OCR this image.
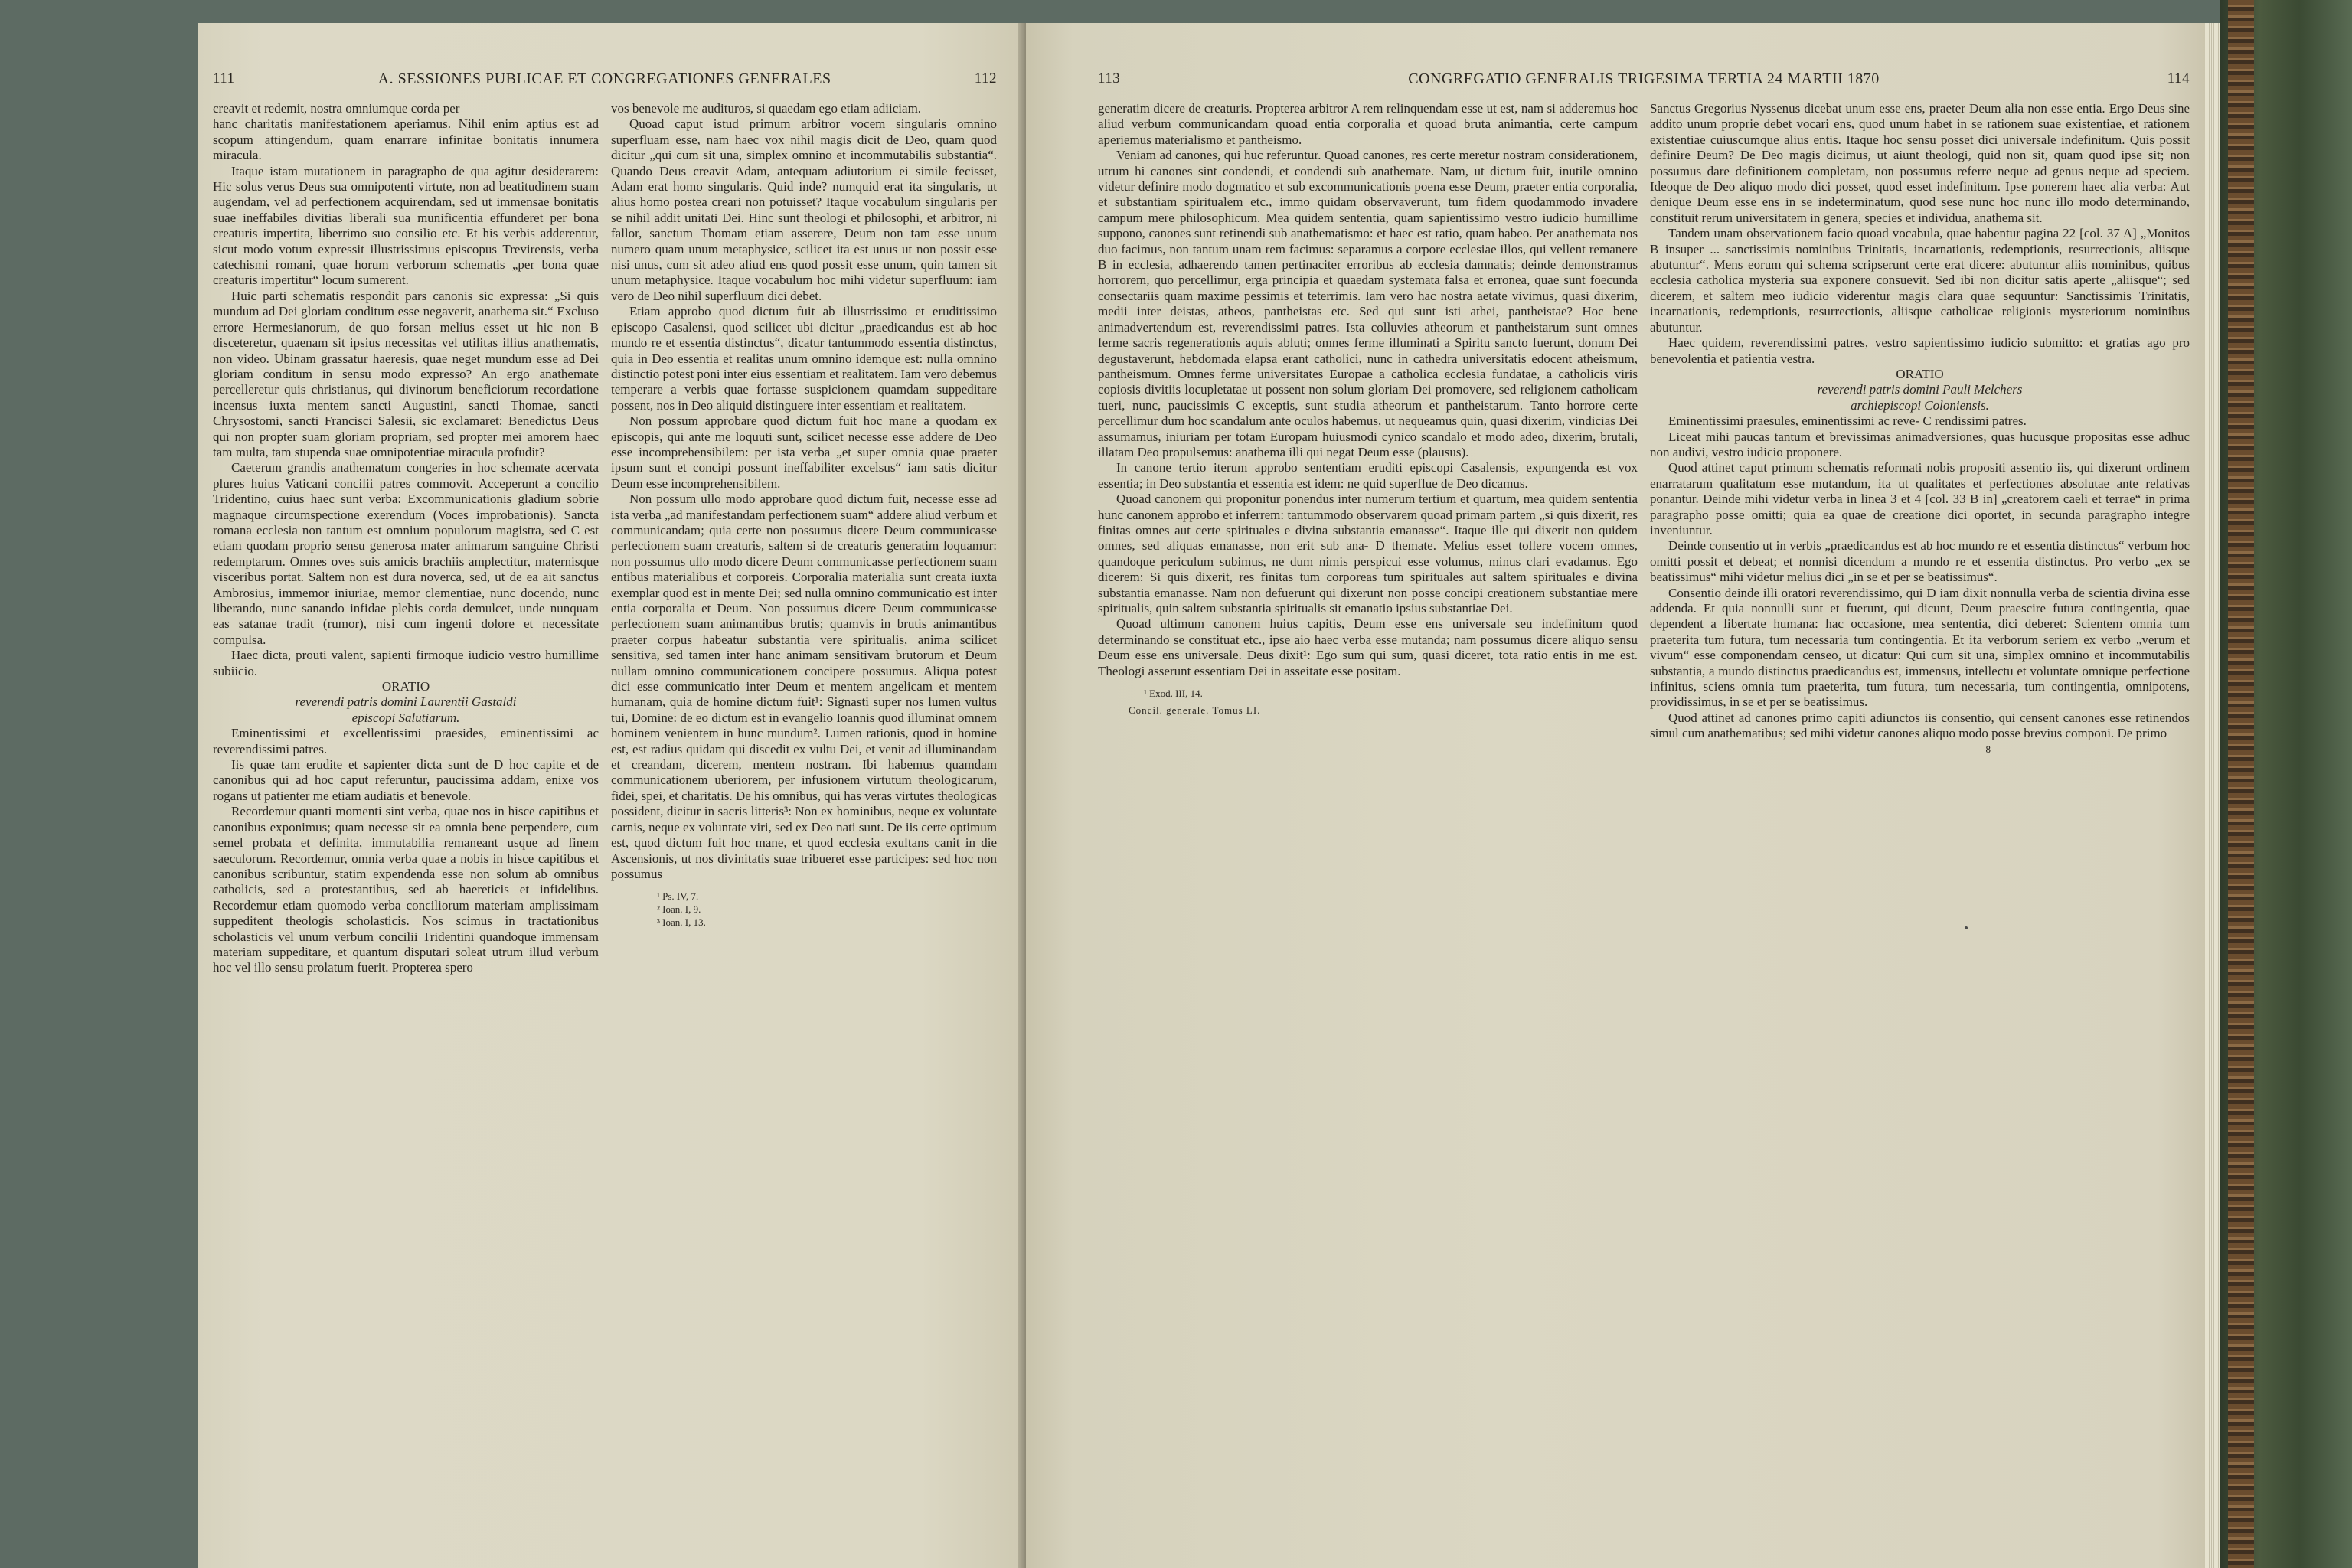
111	A. SESSIONES PUBLICAE ET CONGREGATIONES GENERALES	112

creavit et redemit, nostra omniumque corda per

hanc charitatis manifestationem aperiamus. Nihil enim aptius est ad scopum attingendum, quam enarrare infinitae bonitatis innumera miracula.

Itaque istam mutationem in paragrapho de qua agitur desiderarem: Hic solus verus Deus sua omnipotenti virtute, non ad beatitudinem suam augendam, vel ad perfectionem acquirendam, sed ut immensae bonitatis suae ineffabiles divitias liberali sua munificentia effunderet per bona creaturis impertita, liberrimo suo consilio etc. Et his verbis adderentur, sicut modo votum expressit illustrissimus episcopus Trevirensis, verba catechismi romani, quae horum verborum schematis „per bona quae creaturis impertitur“ locum sumerent.

Huic parti schematis respondit pars canonis sic expressa: „Si quis mundum ad Dei gloriam conditum esse negaverit, anathema sit.“ Excluso errore Hermesianorum, de quo forsan melius esset ut hic non B disceteretur, quaenam sit ipsius necessitas vel utilitas illius anathematis, non video. Ubinam grassatur haeresis, quae neget mundum esse ad Dei gloriam conditum in sensu modo expresso? An ergo anathemate percelleretur quis christianus, qui divinorum beneficiorum recordatione incensus iuxta mentem sancti Augustini, sancti Thomae, sancti Chrysostomi, sancti Francisci Salesii, sic exclamaret: Benedictus Deus qui non propter suam gloriam propriam, sed propter mei amorem haec tam multa, tam stupenda suae omnipotentiae miracula profudit?

Caeterum grandis anathematum congeries in hoc schemate acervata plures huius Vaticani concilii patres commovit. Acceperunt a concilio Tridentino, cuius haec sunt verba: Excommunicationis gladium sobrie magnaque circumspectione exerendum (Voces improbationis). Sancta romana ecclesia non tantum est omnium populorum magistra, sed C est etiam quodam proprio sensu generosa mater animarum sanguine Christi redemptarum. Omnes oves suis amicis brachiis amplectitur, maternisque visceribus portat. Saltem non est dura noverca, sed, ut de ea ait sanctus Ambrosius, immemor iniuriae, memor clementiae, nunc docendo, nunc liberando, nunc sanando infidae plebis corda demulcet, unde nunquam eas satanae tradit (rumor), nisi cum ingenti dolore et necessitate compulsa.

Haec dicta, prouti valent, sapienti firmoque iudicio vestro humillime subiicio.

ORATIO

reverendi patris domini Laurentii Gastaldi

episcopi Salutiarum.

Eminentissimi et excellentissimi praesides, eminentissimi ac reverendissimi patres.

Iis quae tam erudite et sapienter dicta sunt de D hoc capite et de canonibus qui ad hoc caput referuntur, paucissima addam, enixe vos rogans ut patienter me etiam audiatis et benevole.

Recordemur quanti momenti sint verba, quae nos in hisce capitibus et canonibus exponimus; quam necesse sit ea omnia bene perpendere, cum semel probata et definita, immutabilia remaneant usque ad finem saeculorum. Recordemur, omnia verba quae a nobis in hisce capitibus et canonibus scribuntur, statim expendenda esse non solum ab omnibus catholicis, sed a protestantibus, sed ab haereticis et infidelibus. Recordemur etiam quomodo verba conciliorum materiam amplissimam suppeditent theologis scholasticis. Nos scimus in tractationibus scholasticis vel unum verbum concilii Tridentini quandoque immensam materiam suppeditare, et quantum disputari soleat utrum illud verbum hoc vel illo sensu prolatum fuerit. Propterea spero

vos benevole me audituros, si quaedam ego etiam adiiciam.

Quoad caput istud primum arbitror vocem singularis omnino superfluam esse, nam haec vox nihil magis dicit de Deo, quam quod dicitur „qui cum sit una, simplex omnino et incommutabilis substantia“. Quando Deus creavit Adam, antequam adiutorium ei simile fecisset, Adam erat homo singularis. Quid inde? numquid erat ita singularis, ut alius homo postea creari non potuisset? Itaque vocabulum singularis per se nihil addit unitati Dei. Hinc sunt theologi et philosophi, et arbitror, ni fallor, sanctum Thomam etiam asserere, Deum non tam esse unum numero quam unum metaphysice, scilicet ita est unus ut non possit esse nisi unus, cum sit adeo aliud ens quod possit esse unum, quin tamen sit unum metaphysice. Itaque vocabulum hoc mihi videtur superfluum: iam vero de Deo nihil superfluum dici debet.

Etiam approbo quod dictum fuit ab illustrissimo et eruditissimo episcopo Casalensi, quod scilicet ubi dicitur „praedicandus est ab hoc mundo re et essentia distinctus“, dicatur tantummodo essentia distinctus, quia in Deo essentia et realitas unum omnino idemque est: nulla omnino distinctio potest poni inter eius essentiam et realitatem. Iam vero debemus temperare a verbis quae fortasse suspicionem quamdam suppeditare possent, nos in Deo aliquid distinguere inter essentiam et realitatem.

Non possum approbare quod dictum fuit hoc mane a quodam ex episcopis, qui ante me loquuti sunt, scilicet necesse esse addere de Deo esse incomprehensibilem: per ista verba „et super omnia quae praeter ipsum sunt et concipi possunt ineffabiliter excelsus“ iam satis dicitur Deum esse incomprehensibilem.

Non possum ullo modo approbare quod dictum fuit, necesse esse ad ista verba „ad manifestandam perfectionem suam“ addere aliud verbum et communicandam; quia certe non possumus dicere Deum communicasse perfectionem suam creaturis, saltem si de creaturis generatim loquamur: non possumus ullo modo dicere Deum communicasse perfectionem suam entibus materialibus et corporeis. Corporalia materialia sunt creata iuxta exemplar quod est in mente Dei; sed nulla omnino communicatio est inter entia corporalia et Deum. Non possumus dicere Deum communicasse perfectionem suam animantibus brutis; quamvis in brutis animantibus praeter corpus habeatur substantia vere spiritualis, anima scilicet sensitiva, sed tamen inter hanc animam sensitivam brutorum et Deum nullam omnino communicationem concipere possumus. Aliqua potest dici esse communicatio inter Deum et mentem angelicam et mentem humanam, quia de homine dictum fuit¹: Signasti super nos lumen vultus tui, Domine: de eo dictum est in evangelio Ioannis quod illuminat omnem hominem venientem in hunc mundum². Lumen rationis, quod in homine est, est radius quidam qui discedit ex vultu Dei, et venit ad illuminandam et creandam, dicerem, mentem nostram. Ibi habemus quamdam communicationem uberiorem, per infusionem virtutum theologicarum, fidei, spei, et charitatis. De his omnibus, qui has veras virtutes theologicas possident, dicitur in sacris litteris³: Non ex hominibus, neque ex voluntate carnis, neque ex voluntate viri, sed ex Deo nati sunt. De iis certe optimum est, quod dictum fuit hoc mane, et quod ecclesia exultans canit in die Ascensionis, ut nos divinitatis suae tribueret esse participes: sed hoc non possumus

¹ Ps. IV, 7.
² Ioan. I, 9.
³ Ioan. I, 13.
113	CONGREGATIO GENERALIS TRIGESIMA TERTIA 24 MARTII 1870	114

generatim dicere de creaturis. Propterea arbitror A rem relinquendam esse ut est, nam si adderemus hoc aliud verbum communicandam quoad entia corporalia et quoad bruta animantia, certe campum aperiemus materialismo et pantheismo.

Veniam ad canones, qui huc referuntur. Quoad canones, res certe meretur nostram considerationem, utrum hi canones sint condendi, et condendi sub anathemate. Nam, ut dictum fuit, inutile omnino videtur definire modo dogmatico et sub excommunicationis poena esse Deum, praeter entia corporalia, et substantiam spiritualem etc., immo quidam observaverunt, tum fidem quodammodo invadere campum mere philosophicum. Mea quidem sententia, quam sapientissimo vestro iudicio humillime suppono, canones sunt retinendi sub anathematismo: et haec est ratio, quam habeo. Per anathemata nos duo facimus, non tantum unam rem facimus: separamus a corpore ecclesiae illos, qui vellent remanere B in ecclesia, adhaerendo tamen pertinaciter erroribus ab ecclesia damnatis; deinde demonstramus horrorem, quo percellimur, erga principia et quaedam systemata falsa et erronea, quae sunt foecunda consectariis quam maxime pessimis et teterrimis. Iam vero hac nostra aetate vivimus, quasi dixerim, medii inter deistas, atheos, pantheistas etc. Sed qui sunt isti athei, pantheistae? Hoc bene animadvertendum est, reverendissimi patres. Ista colluvies atheorum et pantheistarum sunt omnes ferme sacris regenerationis aquis abluti; omnes ferme illuminati a Spiritu sancto fuerunt, donum Dei degustaverunt, hebdomada elapsa erant catholici, nunc in cathedra universitatis edocent atheismum, pantheismum. Omnes ferme universitates Europae a catholica ecclesia fundatae, a catholicis viris copiosis divitiis locupletatae ut possent non solum gloriam Dei promovere, sed religionem catholicam tueri, nunc, paucissimis C exceptis, sunt studia atheorum et pantheistarum. Tanto horrore certe percellimur dum hoc scandalum ante oculos habemus, ut nequeamus quin, quasi dixerim, vindicias Dei assumamus, iniuriam per totam Europam huiusmodi cynico scandalo et modo adeo, dixerim, brutali, illatam Deo propulsemus: anathema illi qui negat Deum esse (plausus).

In canone tertio iterum approbo sententiam eruditi episcopi Casalensis, expungenda est vox essentia; in Deo substantia et essentia est idem: ne quid superflue de Deo dicamus.

Quoad canonem qui proponitur ponendus inter numerum tertium et quartum, mea quidem sententia hunc canonem approbo et inferrem: tantummodo observarem quoad primam partem „si quis dixerit, res finitas omnes aut certe spirituales e divina substantia emanasse“. Itaque ille qui dixerit non quidem omnes, sed aliquas emanasse, non erit sub ana- D themate. Melius esset tollere vocem omnes, quandoque periculum subimus, ne dum nimis perspicui esse volumus, minus clari evadamus. Ego dicerem: Si quis dixerit, res finitas tum corporeas tum spirituales aut saltem spirituales e divina substantia emanasse. Nam non defuerunt qui dixerunt non posse concipi creationem substantiae mere spiritualis, quin saltem substantia spiritualis sit emanatio ipsius substantiae Dei.

Quoad ultimum canonem huius capitis, Deum esse ens universale seu indefinitum quod determinando se constituat etc., ipse aio haec verba esse mutanda; nam possumus dicere aliquo sensu Deum esse ens universale. Deus dixit¹: Ego sum qui sum, quasi diceret, tota ratio entis in me est. Theologi asserunt essentiam Dei in asseitate esse positam.

¹ Exod. III, 14.
Concil. generale. Tomus LI.

Sanctus Gregorius Nyssenus dicebat unum esse ens, praeter Deum alia non esse entia. Ergo Deus sine addito unum proprie debet vocari ens, quod unum habet in se rationem suae existentiae, et rationem existentiae cuiuscumque alius entis. Itaque hoc sensu posset dici universale indefinitum. Quis possit definire Deum? De Deo magis dicimus, ut aiunt theologi, quid non sit, quam quod ipse sit; non possumus dare definitionem completam, non possumus referre neque ad genus neque ad speciem. Ideoque de Deo aliquo modo dici posset, quod esset indefinitum. Ipse ponerem haec alia verba: Aut denique Deum esse ens in se indeterminatum, quod sese nunc hoc nunc illo modo determinando, constituit rerum universitatem in genera, species et individua, anathema sit.

Tandem unam observationem facio quoad vocabula, quae habentur pagina 22 [col. 37 A] „Monitos B insuper ... sanctissimis nominibus Trinitatis, incarnationis, redemptionis, resurrectionis, aliisque abutuntur“. Mens eorum qui schema scripserunt certe erat dicere: abutuntur aliis nominibus, quibus ecclesia catholica mysteria sua exponere consuevit. Sed ibi non dicitur satis aperte „aliisque“; sed dicerem, et saltem meo iudicio viderentur magis clara quae sequuntur: Sanctissimis Trinitatis, incarnationis, redemptionis, resurrectionis, aliisque catholicae religionis mysteriorum nominibus abutuntur.

Haec quidem, reverendissimi patres, vestro sapientissimo iudicio submitto: et gratias ago pro benevolentia et patientia vestra.

ORATIO

reverendi patris domini Pauli Melchers

archiepiscopi Coloniensis.

Eminentissimi praesules, eminentissimi ac reve- C rendissimi patres.

Liceat mihi paucas tantum et brevissimas animadversiones, quas hucusque propositas esse adhuc non audivi, vestro iudicio proponere.

Quod attinet caput primum schematis reformati nobis propositi assentio iis, qui dixerunt ordinem enarratarum qualitatum esse mutandum, ita ut qualitates et perfectiones absolutae ante relativas ponantur. Deinde mihi videtur verba in linea 3 et 4 [col. 33 B in] „creatorem caeli et terrae“ in prima paragrapho posse omitti; quia ea quae de creatione dici oportet, in secunda paragrapho integre inveniuntur.

Deinde consentio ut in verbis „praedicandus est ab hoc mundo re et essentia distinctus“ verbum hoc omitti possit et debeat; et nonnisi dicendum a mundo re et essentia distinctus. Pro verbo „ex se beatissimus“ mihi videtur melius dici „in se et per se beatissimus“.

Consentio deinde illi oratori reverendissimo, qui D iam dixit nonnulla verba de scientia divina esse addenda. Et quia nonnulli sunt et fuerunt, qui dicunt, Deum praescire futura contingentia, quae dependent a libertate humana: hac occasione, mea sententia, dici deberet: Scientem omnia tum praeterita tum futura, tum necessaria tum contingentia. Et ita verborum seriem ex verbo „verum et vivum“ esse componendam censeo, ut dicatur: Qui cum sit una, simplex omnino et incommutabilis substantia, a mundo distinctus praedicandus est, immensus, intellectu et voluntate omnique perfectione infinitus, sciens omnia tum praeterita, tum futura, tum necessaria, tum contingentia, omnipotens, providissimus, in se et per se beatissimus.

Quod attinet ad canones primo capiti adiunctos iis consentio, qui censent canones esse retinendos simul cum anathematibus; sed mihi videtur canones aliquo modo posse brevius componi. De primo

8
